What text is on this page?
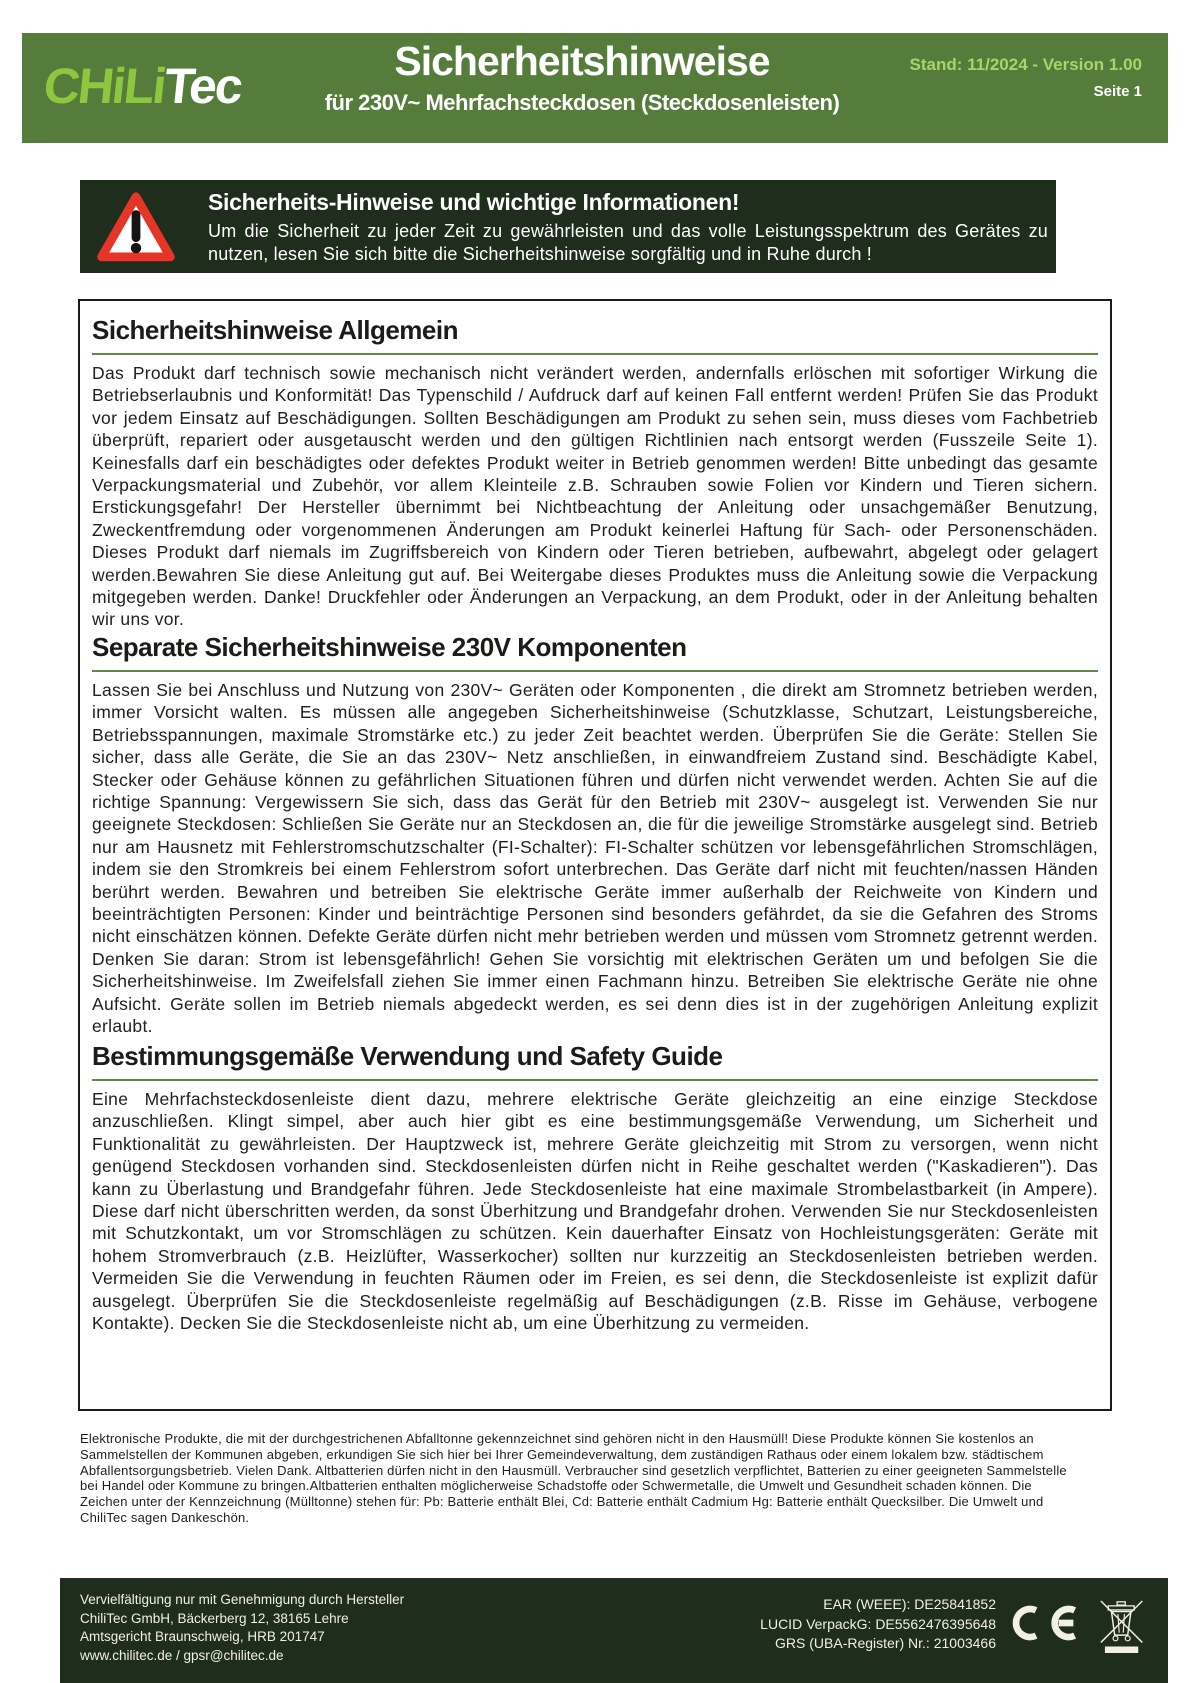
CHiLiTec	Sicherheitshinweise
für 230V~ Mehrfachsteckdosen (Steckdosenleisten)
Stand: 11/2024 - Version 1.00
Seite 1
Sicherheits-Hinweise und wichtige Informationen!
Um die Sicherheit zu jeder Zeit zu gewährleisten und das volle Leistungsspektrum des Gerätes zu nutzen, lesen Sie sich bitte die Sicherheitshinweise sorgfältig und in Ruhe durch !
Sicherheitshinweise Allgemein
Das Produkt darf technisch sowie mechanisch nicht verändert werden, andernfalls erlöschen mit sofortiger Wirkung die Betriebserlaubnis und Konformität! Das Typenschild / Aufdruck darf auf keinen Fall entfernt werden! Prüfen Sie das Produkt vor jedem Einsatz auf Beschädigungen. Sollten Beschädigungen am Produkt zu sehen sein, muss dieses vom Fachbetrieb überprüft, repariert oder ausgetauscht werden und den gültigen Richtlinien nach entsorgt werden (Fusszeile Seite 1). Keinesfalls darf ein beschädigtes oder defektes Produkt weiter in Betrieb genommen werden! Bitte unbedingt das gesamte Verpackungsmaterial und Zubehör, vor allem Kleinteile z.B. Schrauben sowie Folien vor Kindern und Tieren sichern. Erstickungsgefahr! Der Hersteller übernimmt bei Nichtbeachtung der Anleitung oder unsachgemäßer Benutzung, Zweckentfremdung oder vorgenommenen Änderungen am Produkt keinerlei Haftung für Sach- oder Personenschäden. Dieses Produkt darf niemals im Zugriffsbereich von Kindern oder Tieren betrieben, aufbewahrt, abgelegt oder gelagert werden.Bewahren Sie diese Anleitung gut auf. Bei Weitergabe dieses Produktes muss die Anleitung sowie die Verpackung mitgegeben werden. Danke! Druckfehler oder Änderungen an Verpackung, an dem Produkt, oder in der Anleitung behalten wir uns vor.
Separate Sicherheitshinweise 230V Komponenten
Lassen Sie bei Anschluss und Nutzung von 230V~ Geräten oder Komponenten , die direkt am Stromnetz betrieben werden, immer Vorsicht walten. Es müssen alle angegeben Sicherheitshinweise (Schutzklasse, Schutzart, Leistungsbereiche, Betriebsspannungen, maximale Stromstärke etc.) zu jeder Zeit beachtet werden. Überprüfen Sie die Geräte: Stellen Sie sicher, dass alle Geräte, die Sie an das 230V~ Netz anschließen, in einwandfreiem Zustand sind. Beschädigte Kabel, Stecker oder Gehäuse können zu gefährlichen Situationen führen und dürfen nicht verwendet werden. Achten Sie auf die richtige Spannung: Vergewissern Sie sich, dass das Gerät für den Betrieb mit 230V~ ausgelegt ist. Verwenden Sie nur geeignete Steckdosen: Schließen Sie Geräte nur an Steckdosen an, die für die jeweilige Stromstärke ausgelegt sind. Betrieb nur am Hausnetz mit Fehlerstromschutzschalter (FI-Schalter): FI-Schalter schützen vor lebensgefährlichen Stromschlägen, indem sie den Stromkreis bei einem Fehlerstrom sofort unterbrechen. Das Geräte darf nicht mit feuchten/nassen Händen berührt werden. Bewahren und betreiben Sie elektrische Geräte immer außerhalb der Reichweite von Kindern und beeinträchtigten Personen: Kinder und beinträchtige Personen sind besonders gefährdet, da sie die Gefahren des Stroms nicht einschätzen können. Defekte Geräte dürfen nicht mehr betrieben werden und müssen vom Stromnetz getrennt werden. Denken Sie daran: Strom ist lebensgefährlich! Gehen Sie vorsichtig mit elektrischen Geräten um und befolgen Sie die Sicherheitshinweise. Im Zweifelsfall ziehen Sie immer einen Fachmann hinzu. Betreiben Sie elektrische Geräte nie ohne Aufsicht. Geräte sollen im Betrieb niemals abgedeckt werden, es sei denn dies ist in der zugehörigen Anleitung explizit erlaubt.
Bestimmungsgemäße Verwendung und Safety Guide
Eine Mehrfachsteckdosenleiste dient dazu, mehrere elektrische Geräte gleichzeitig an eine einzige Steckdose anzuschließen. Klingt simpel, aber auch hier gibt es eine bestimmungsgemäße Verwendung, um Sicherheit und Funktionalität zu gewährleisten. Der Hauptzweck ist, mehrere Geräte gleichzeitig mit Strom zu versorgen, wenn nicht genügend Steckdosen vorhanden sind. Steckdosenleisten dürfen nicht in Reihe geschaltet werden ("Kaskadieren"). Das kann zu Überlastung und Brandgefahr führen. Jede Steckdosenleiste hat eine maximale Strombelastbarkeit (in Ampere). Diese darf nicht überschritten werden, da sonst Überhitzung und Brandgefahr drohen. Verwenden Sie nur Steckdosenleisten mit Schutzkontakt, um vor Stromschlägen zu schützen. Kein dauerhafter Einsatz von Hochleistungsgeräten: Geräte mit hohem Stromverbrauch (z.B. Heizlüfter, Wasserkocher) sollten nur kurzzeitig an Steckdosenleisten betrieben werden. Vermeiden Sie die Verwendung in feuchten Räumen oder im Freien, es sei denn, die Steckdosenleiste ist explizit dafür ausgelegt. Überprüfen Sie die Steckdosenleiste regelmäßig auf Beschädigungen (z.B. Risse im Gehäuse, verbogene Kontakte). Decken Sie die Steckdosenleiste nicht ab, um eine Überhitzung zu vermeiden.
Elektronische Produkte, die mit der durchgestrichenen Abfalltonne gekennzeichnet sind gehören nicht in den Hausmüll! Diese Produkte können Sie kostenlos an Sammelstellen der Kommunen abgeben, erkundigen Sie sich hier bei Ihrer Gemeindeverwaltung, dem zuständigen Rathaus oder einem lokalem bzw. städtischem Abfallentsorgungsbetrieb. Vielen Dank. Altbatterien dürfen nicht in den Hausmüll. Verbraucher sind gesetzlich verpflichtet, Batterien zu einer geeigneten Sammelstelle bei Handel oder Kommune zu bringen.Altbatterien enthalten möglicherweise Schadstoffe oder Schwermetalle, die Umwelt und Gesundheit schaden können. Die Zeichen unter der Kennzeichnung (Mülltonne) stehen für: Pb: Batterie enthält Blei, Cd: Batterie enthält Cadmium Hg: Batterie enthält Quecksilber. Die Umwelt und ChiliTec sagen Dankeschön.
Vervielfältigung nur mit Genehmigung durch Hersteller
ChiliTec GmbH, Bäckerberg 12, 38165 Lehre
Amtsgericht Braunschweig, HRB 201747
www.chilitec.de / gpsr@chilitec.de
EAR (WEEE): DE25841852
LUCID VerpackG: DE5562476395648
GRS (UBA-Register) Nr.: 21003466
